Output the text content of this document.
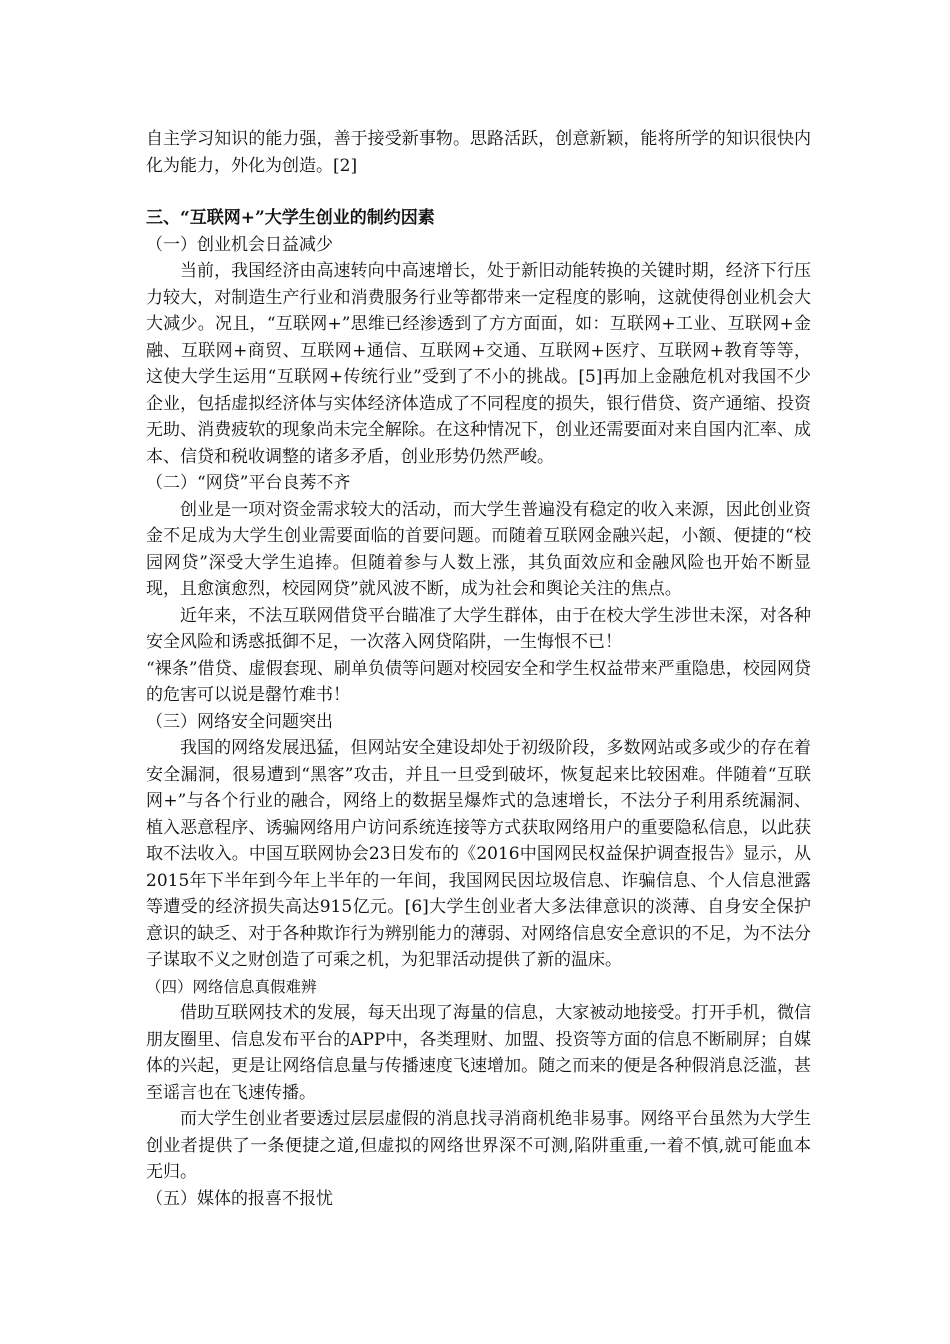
自主学习知识的能力强，善于接受新事物。思路活跃，创意新颖，能将所学的知识很快内化为能力，外化为创造。[2]

三、“互联网+”大学生创业的制约因素

（一）创业机会日益减少

当前，我国经济由高速转向中高速增长，处于新旧动能转换的关键时期，经济下行压力较大，对制造生产行业和消费服务行业等都带来一定程度的影响，这就使得创业机会大大减少。况且，“互联网+”思维已经渗透到了方方面面，如：互联网+工业、互联网+金融、互联网+商贸、互联网+通信、互联网+交通、互联网+医疗、互联网+教育等等，这使大学生运用“互联网+传统行业”受到了不小的挑战。[5]再加上金融危机对我国不少企业，包括虚拟经济体与实体经济体造成了不同程度的损失，银行借贷、资产通缩、投资无助、消费疲软的现象尚未完全解除。在这种情况下，创业还需要面对来自国内汇率、成本、信贷和税收调整的诸多矛盾，创业形势仍然严峻。

（二）“网贷”平台良莠不齐

创业是一项对资金需求较大的活动，而大学生普遍没有稳定的收入来源，因此创业资金不足成为大学生创业需要面临的首要问题。而随着互联网金融兴起，小额、便捷的“校园网贷”深受大学生追捧。但随着参与人数上涨，其负面效应和金融风险也开始不断显现，且愈演愈烈，校园网贷”就风波不断，成为社会和舆论关注的焦点。

近年来，不法互联网借贷平台瞄准了大学生群体，由于在校大学生涉世未深，对各种安全风险和诱惑抵御不足，一次落入网贷陷阱，一生悔恨不已！

“裸条”借贷、虚假套现、刷单负债等问题对校园安全和学生权益带来严重隐患，校园网贷的危害可以说是罄竹难书！

（三）网络安全问题突出

我国的网络发展迅猛，但网站安全建设却处于初级阶段，多数网站或多或少的存在着安全漏洞，很易遭到“黑客”攻击，并且一旦受到破坏，恢复起来比较困难。伴随着“互联网+”与各个行业的融合，网络上的数据呈爆炸式的急速增长，不法分子利用系统漏洞、植入恶意程序、诱骗网络用户访问系统连接等方式获取网络用户的重要隐私信息，以此获取不法收入。中国互联网协会23日发布的《2016中国网民权益保护调查报告》显示，从2015年下半年到今年上半年的一年间，我国网民因垃圾信息、诈骗信息、个人信息泄露等遭受的经济损失高达915亿元。[6]大学生创业者大多法律意识的淡薄、自身安全保护意识的缺乏、对于各种欺诈行为辨别能力的薄弱、对网络信息安全意识的不足，为不法分子谋取不义之财创造了可乘之机，为犯罪活动提供了新的温床。

（四）网络信息真假难辨

借助互联网技术的发展，每天出现了海量的信息，大家被动地接受。打开手机，微信朋友圈里、信息发布平台的APP中，各类理财、加盟、投资等方面的信息不断刷屏；自媒体的兴起，更是让网络信息量与传播速度飞速增加。随之而来的便是各种假消息泛滥，甚至谣言也在飞速传播。

而大学生创业者要透过层层虚假的消息找寻消商机绝非易事。网络平台虽然为大学生创业者提供了一条便捷之道,但虚拟的网络世界深不可测,陷阱重重,一着不慎,就可能血本无归。

（五）媒体的报喜不报忧
